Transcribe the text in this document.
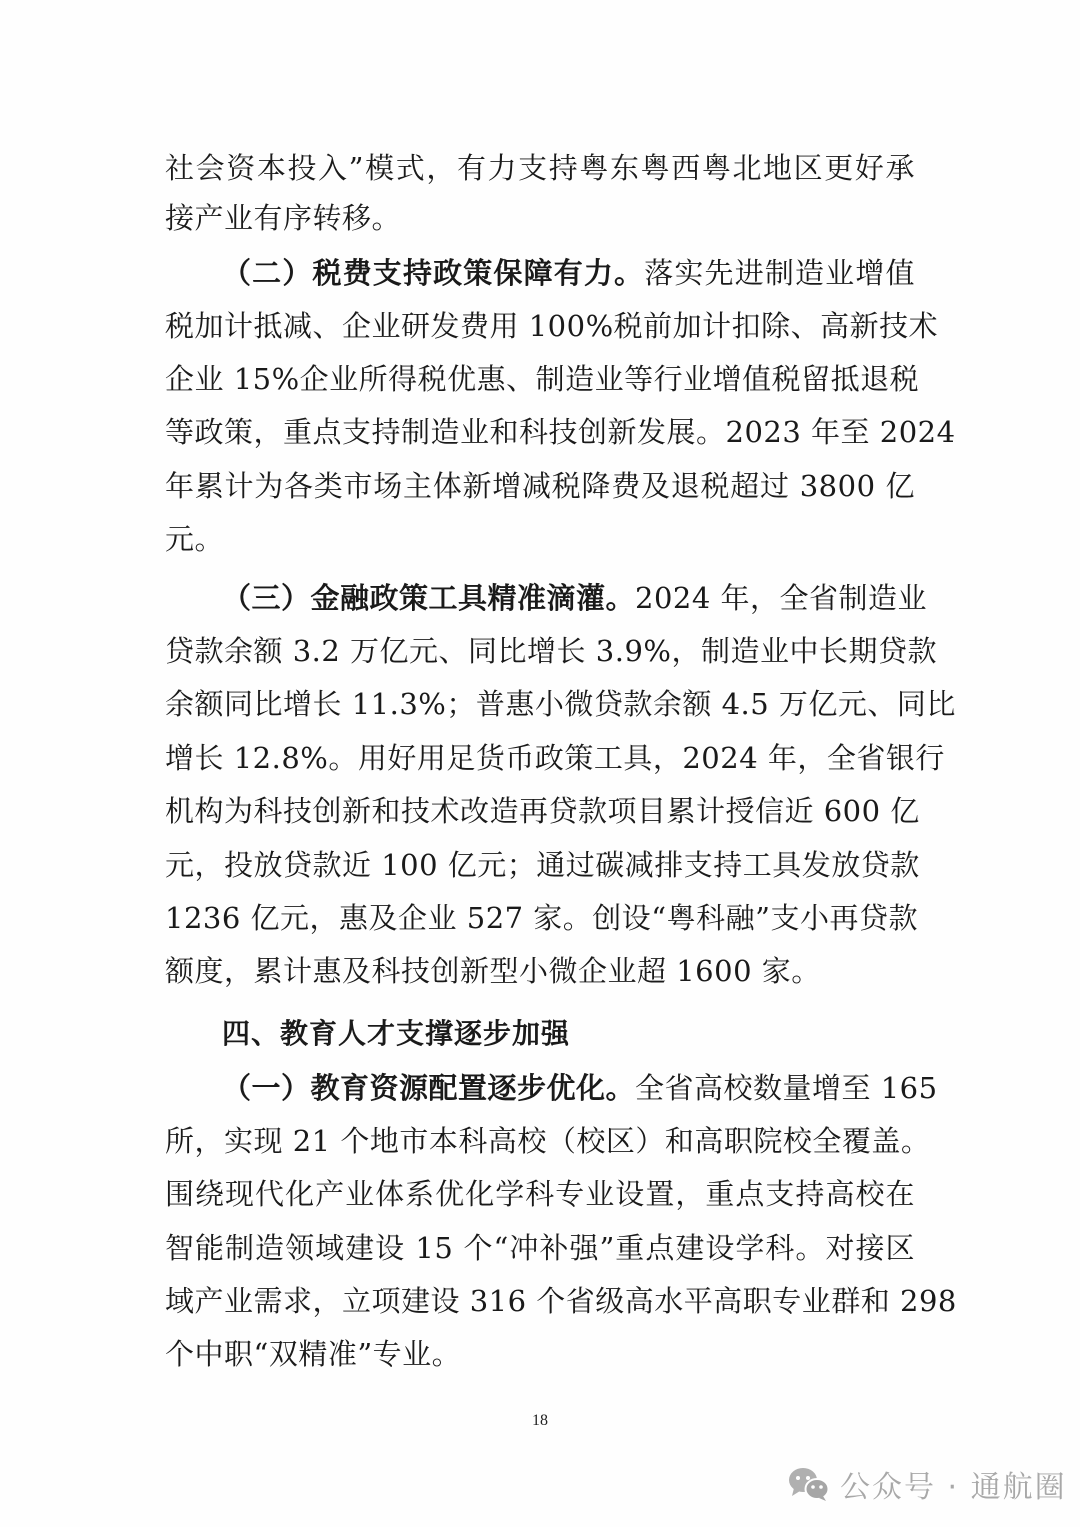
社会资本投入”模式，有力支持粤东粤西粤北地区更好承
接产业有序转移。
（二）税费支持政策保障有力。落实先进制造业增值
税加计抵减、企业研发费用 100%税前加计扣除、高新技术
企业 15%企业所得税优惠、制造业等行业增值税留抵退税
等政策，重点支持制造业和科技创新发展。2023 年至 2024
年累计为各类市场主体新增减税降费及退税超过 3800 亿
元。
（三）金融政策工具精准滴灌。2024 年，全省制造业
贷款余额 3.2 万亿元、同比增长 3.9%，制造业中长期贷款
余额同比增长 11.3%；普惠小微贷款余额 4.5 万亿元、同比
增长 12.8%。用好用足货币政策工具，2024 年，全省银行
机构为科技创新和技术改造再贷款项目累计授信近 600 亿
元，投放贷款近 100 亿元；通过碳减排支持工具发放贷款
1236 亿元，惠及企业 527 家。创设“粤科融”支小再贷款
额度，累计惠及科技创新型小微企业超 1600 家。
四、教育人才支撑逐步加强
（一）教育资源配置逐步优化。全省高校数量增至 165
所，实现 21 个地市本科高校（校区）和高职院校全覆盖。
围绕现代化产业体系优化学科专业设置，重点支持高校在
智能制造领域建设 15 个“冲补强”重点建设学科。对接区
域产业需求，立项建设 316 个省级高水平高职专业群和 298
个中职“双精准”专业。
18
公众号 · 通航圈
